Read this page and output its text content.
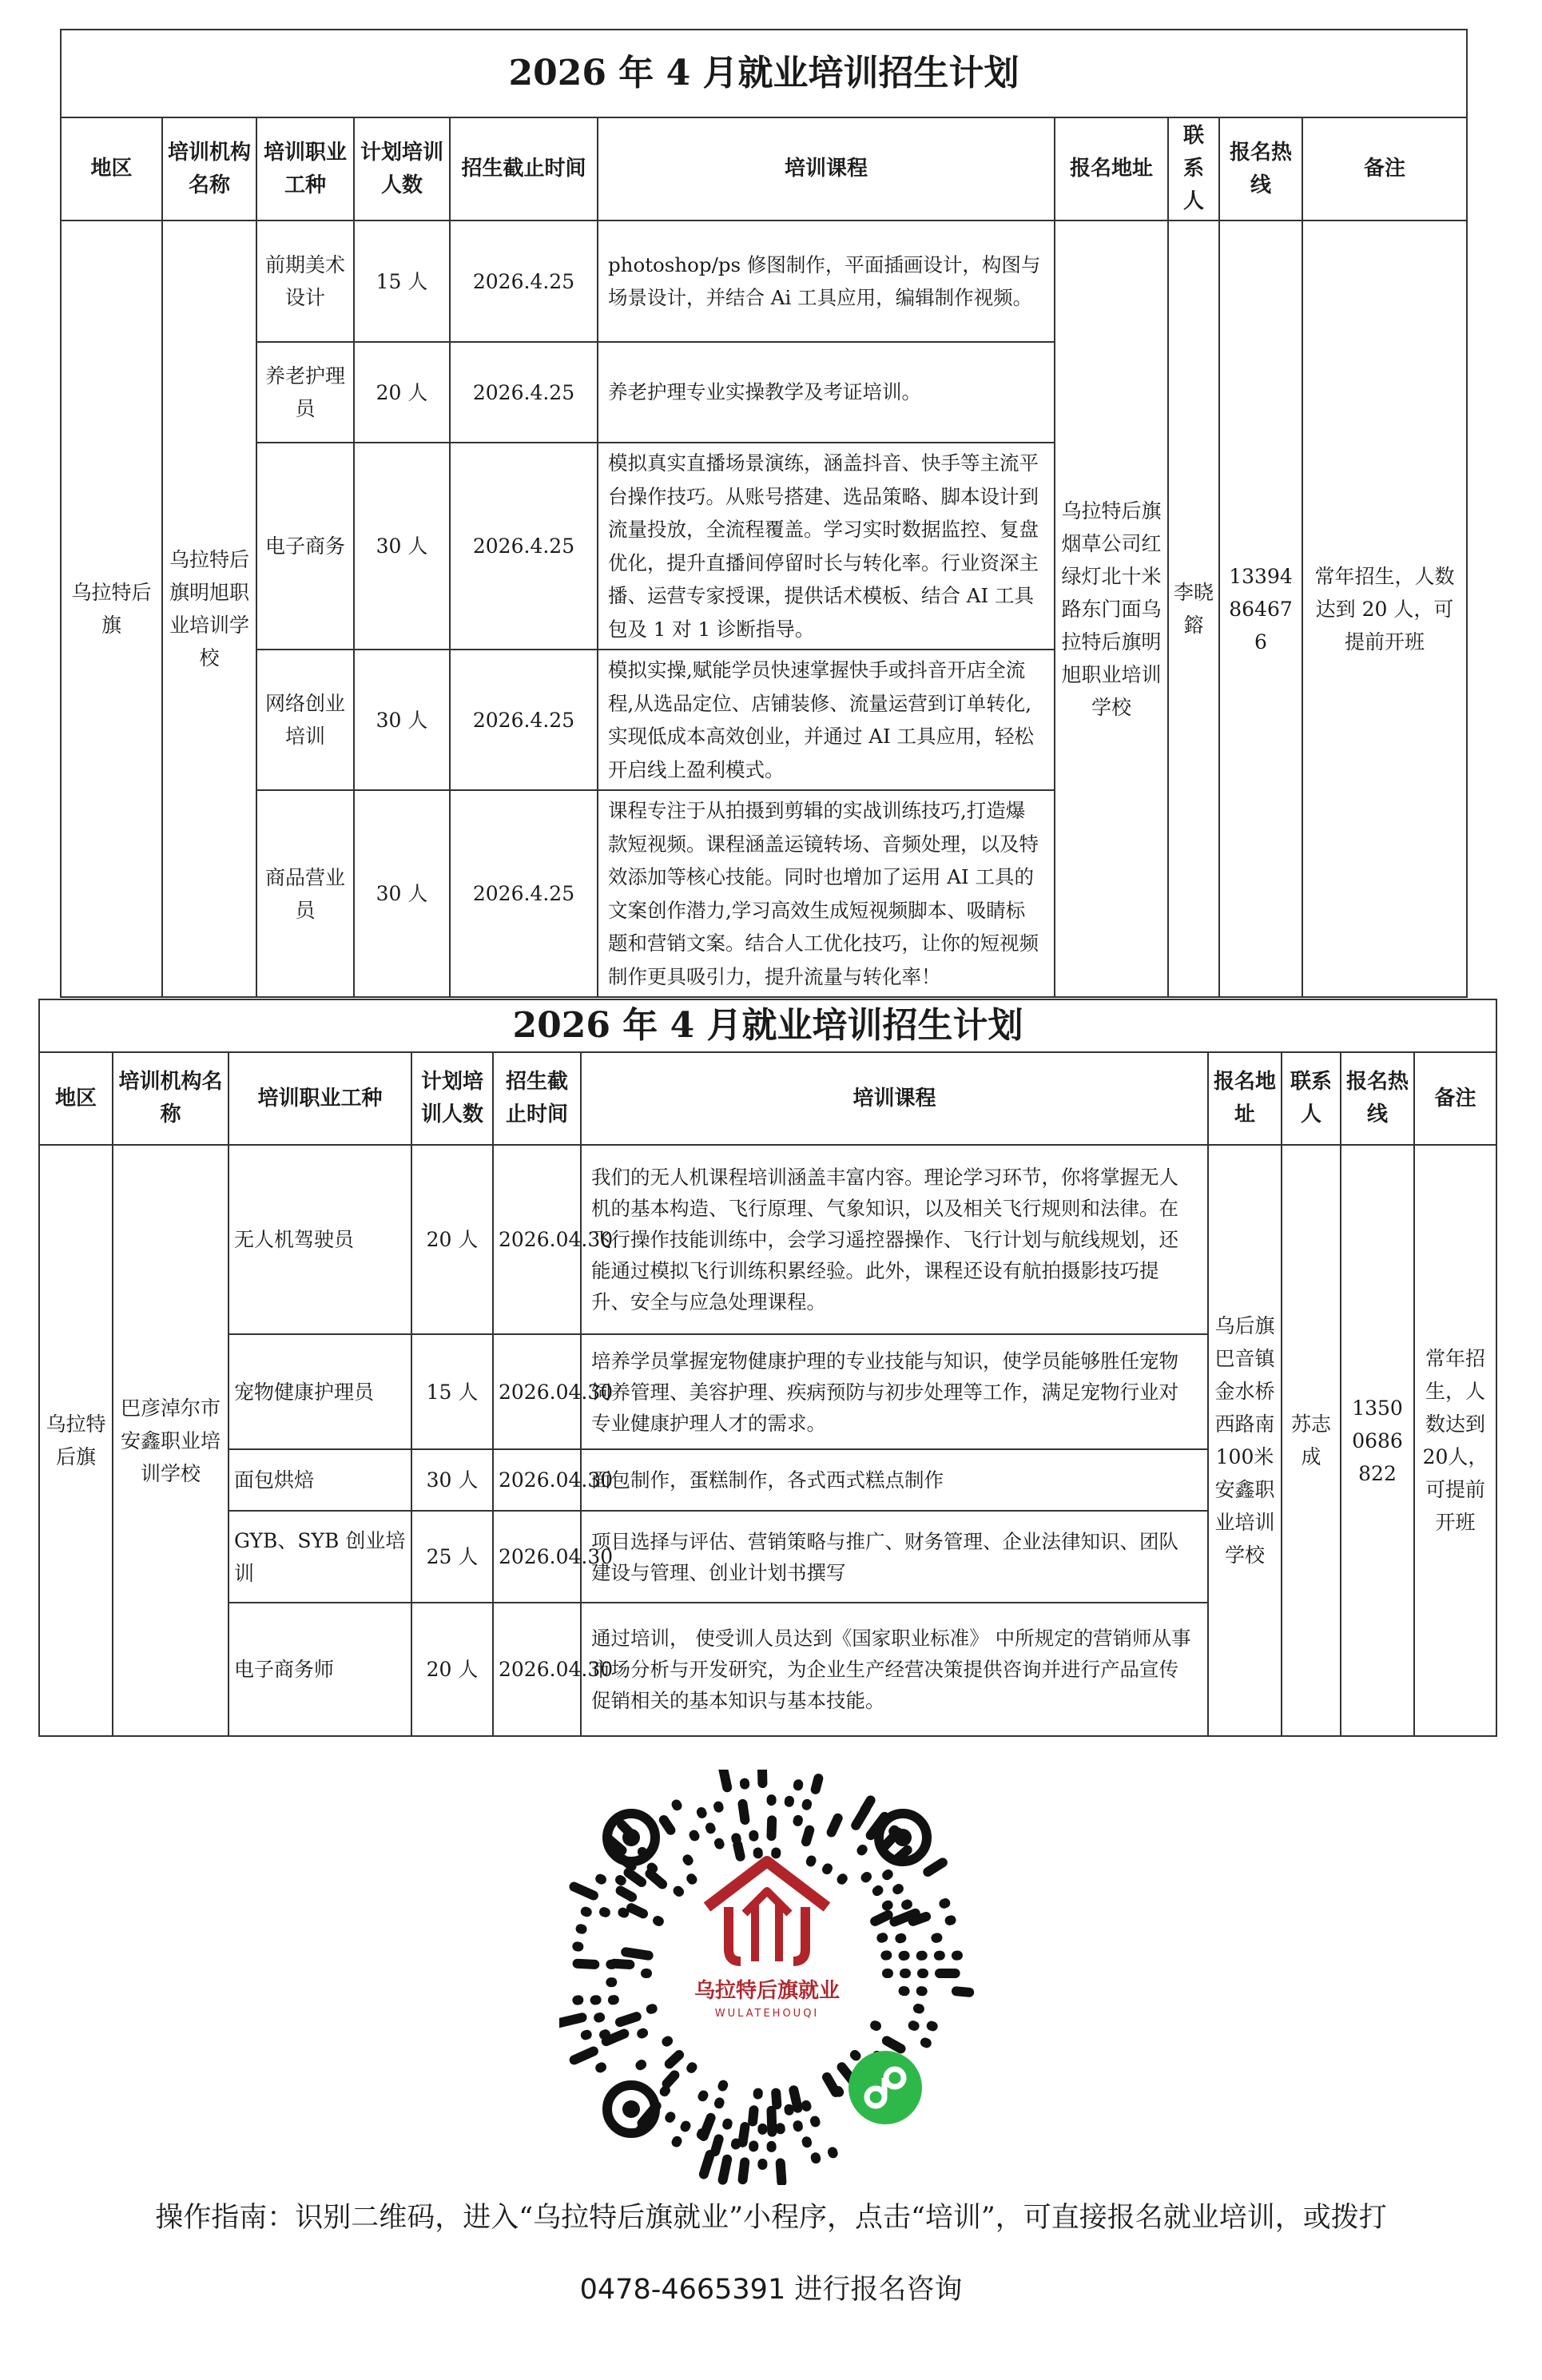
2026 年 4 月就业培训招生计划									
地区	培训机构名称	培训职业工种	计划培训人数	招生截止时间	培训课程	报名地址	联系人	报名热线	备注
乌拉特后旗	乌拉特后旗明旭职业培训学校	前期美术设计	15 人	2026.4.25	photoshop/ps 修图制作，平面插画设计，构图与场景设计，并结合 Ai 工具应用，编辑制作视频。	乌拉特后旗烟草公司红绿灯北十米路东门面乌拉特后旗明旭职业培训学校	李晓鎔	13394864676	常年招生，人数达到 20 人，可提前开班
		养老护理员	20 人	2026.4.25	养老护理专业实操教学及考证培训。				
		电子商务	30 人	2026.4.25	模拟真实直播场景演练，涵盖抖音、快手等主流平台操作技巧。从账号搭建、选品策略、脚本设计到流量投放，全流程覆盖。学习实时数据监控、复盘优化，提升直播间停留时长与转化率。行业资深主播、运营专家授课，提供话术模板、结合 AI 工具包及 1 对 1 诊断指导。				
		网络创业培训	30 人	2026.4.25	模拟实操,赋能学员快速掌握快手或抖音开店全流程,从选品定位、店铺装修、流量运营到订单转化,实现低成本高效创业，并通过 AI 工具应用，轻松开启线上盈利模式。				
		商品营业员	30 人	2026.4.25	课程专注于从拍摄到剪辑的实战训练技巧,打造爆款短视频。课程涵盖运镜转场、音频处理，以及特效添加等核心技能。同时也增加了运用 AI 工具的文案创作潜力,学习高效生成短视频脚本、吸睛标题和营销文案。结合人工优化技巧，让你的短视频制作更具吸引力，提升流量与转化率！				
2026 年 4 月就业培训招生计划									
地区	培训机构名称	培训职业工种	计划培训人数	招生截止时间	培训课程	报名地址	联系人	报名热线	备注
乌拉特后旗	巴彦淖尔市安鑫职业培训学校	无人机驾驶员	20 人	2026.04.30	我们的无人机课程培训涵盖丰富内容。理论学习环节，你将掌握无人机的基本构造、飞行原理、气象知识，以及相关飞行规则和法律。在飞行操作技能训练中，会学习遥控器操作、飞行计划与航线规划，还能通过模拟飞行训练积累经验。此外，课程还设有航拍摄影技巧提升、安全与应急处理课程。	乌后旗巴音镇金水桥西路南100米安鑫职业培训学校	苏志成	13500686822	常年招生，人数达到20人，可提前开班
		宠物健康护理员	15 人	2026.04.30	培养学员掌握宠物健康护理的专业技能与知识，使学员能够胜任宠物饲养管理、美容护理、疾病预防与初步处理等工作，满足宠物行业对专业健康护理人才的需求。				
		面包烘焙	30 人	2026.04.30	面包制作，蛋糕制作，各式西式糕点制作				
		GYB、SYB 创业培训	25 人	2026.04.30	项目选择与评估、营销策略与推广、财务管理、企业法律知识、团队建设与管理、创业计划书撰写				
		电子商务师	20 人	2026.04.30	通过培训， 使受训人员达到《国家职业标准》 中所规定的营销师从事市场分析与开发研究，为企业生产经营决策提供咨询并进行产品宣传促销相关的基本知识与基本技能。				
乌拉特后旗就业
WULATEHOUQI
操作指南：识别二维码，进入“乌拉特后旗就业”小程序，点击“培训”，可直接报名就业培训，或拨打
0478-4665391 进行报名咨询
